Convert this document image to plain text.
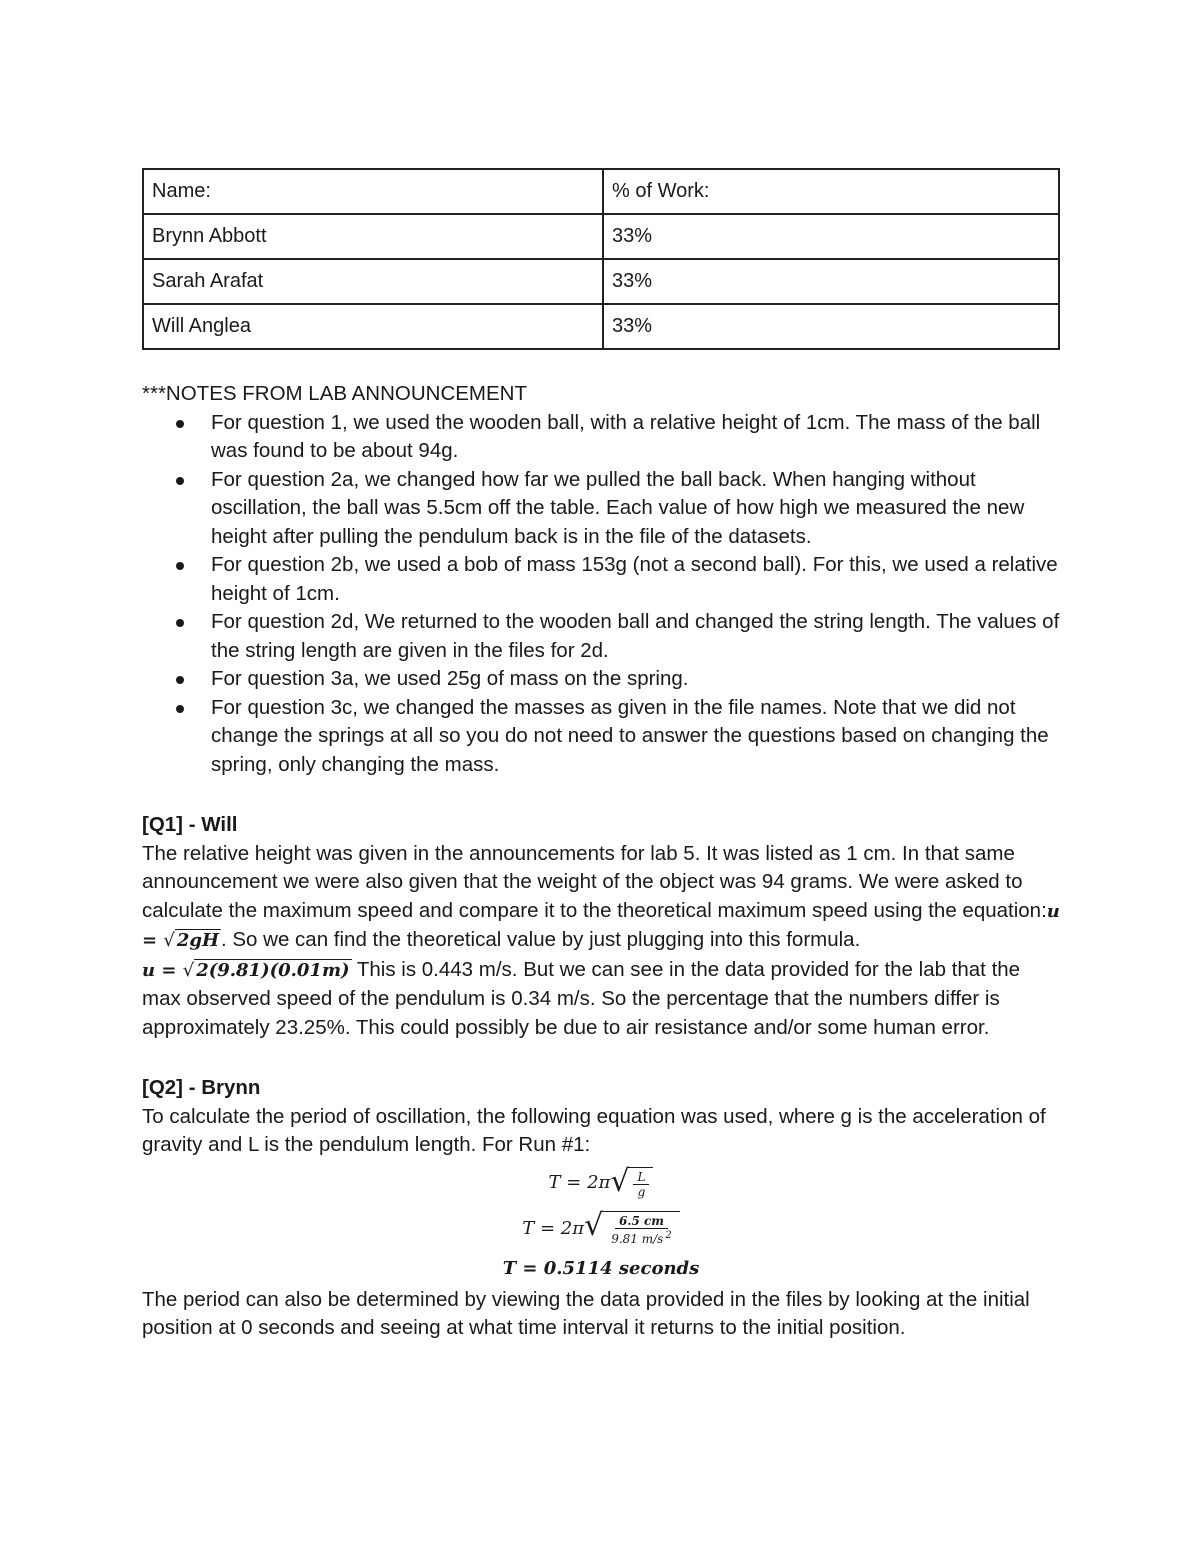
Name:	% of Work:
Brynn Abbott	33%
Sarah Arafat	33%
Will Anglea	33%
***NOTES FROM LAB ANNOUNCEMENT
For question 1, we used the wooden ball, with a relative height of 1cm. The mass of the ball was found to be about 94g.
For question 2a, we changed how far we pulled the ball back. When hanging without oscillation, the ball was 5.5cm off the table. Each value of how high we measured the new height after pulling the pendulum back is in the file of the datasets.
For question 2b, we used a bob of mass 153g (not a second ball). For this, we used a relative height of 1cm.
For question 2d, We returned to the wooden ball and changed the string length. The values of the string length are given in the files for 2d.
For question 3a, we used 25g of mass on the spring.
For question 3c, we changed the masses as given in the file names. Note that we did not change the springs at all so you do not need to answer the questions based on changing the spring, only changing the mass.
[Q1] - Will
The relative height was given in the announcements for lab 5. It was listed as 1 cm. In that same announcement we were also given that the weight of the object was 94 grams. We were asked to calculate the maximum speed and compare it to the theoretical maximum speed using the equation:u = √ 2gH. So we can find the theoretical value by just plugging into this formula.
u = √ 2(9.81)(0.01m) This is 0.443 m/s. But we can see in the data provided for the lab that the max observed speed of the pendulum is 0.34 m/s. So the percentage that the numbers differ is approximately 23.25%. This could possibly be due to air resistance and/or some human error.
[Q2] - Brynn
To calculate the period of oscillation, the following equation was used, where g is the acceleration of gravity and L is the pendulum length. For Run #1:
T = 2π √ $\frac{L}{g}$
T = 2π √ $\frac{6.5 cm}{9.81 m/s ^2}$
T = 0.5114 seconds
The period can also be determined by viewing the data provided in the files by looking at the initial position at 0 seconds and seeing at what time interval it returns to the initial position.
